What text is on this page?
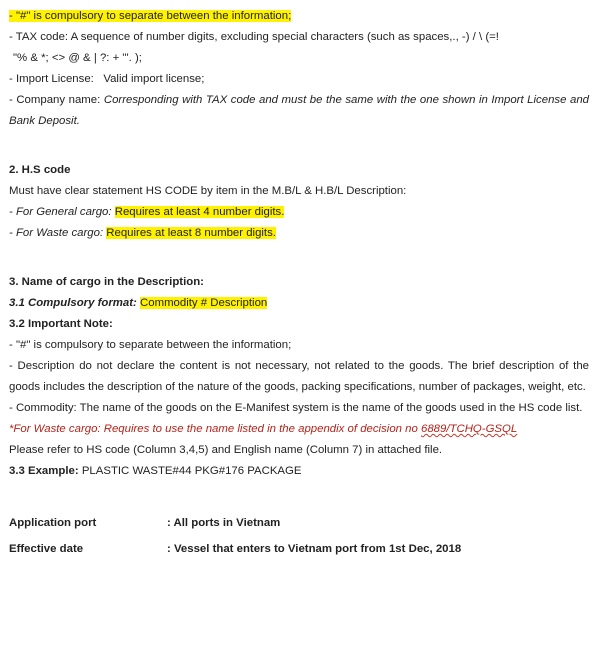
- "#" is compulsory to separate between the information;
- TAX code: A sequence of number digits, excluding special characters (such as spaces,., -) / \ (=!
"% & *; <> @ & | ?: + "'. );
- Import License: Valid import license;
- Company name: Corresponding with TAX code and must be the same with the one shown in Import License and Bank Deposit.
2. H.S code
Must have clear statement HS CODE by item in the M.B/L & H.B/L Description:
- For General cargo: Requires at least 4 number digits.
- For Waste cargo: Requires at least 8 number digits.
3. Name of cargo in the Description:
3.1 Compulsory format: Commodity # Description
3.2 Important Note:
- "#" is compulsory to separate between the information;
- Description do not declare the content is not necessary, not related to the goods. The brief description of the goods includes the description of the nature of the goods, packing specifications, number of packages, weight, etc.
- Commodity: The name of the goods on the E-Manifest system is the name of the goods used in the HS code list.
*For Waste cargo: Requires to use the name listed in the appendix of decision no 6889/TCHQ-GSQL
Please refer to HS code (Column 3,4,5) and English name (Column 7) in attached file.
3.3 Example: PLASTIC WASTE#44 PKG#176 PACKAGE
Application port	: All ports in Vietnam
Effective date	: Vessel that enters to Vietnam port from 1st Dec, 2018
